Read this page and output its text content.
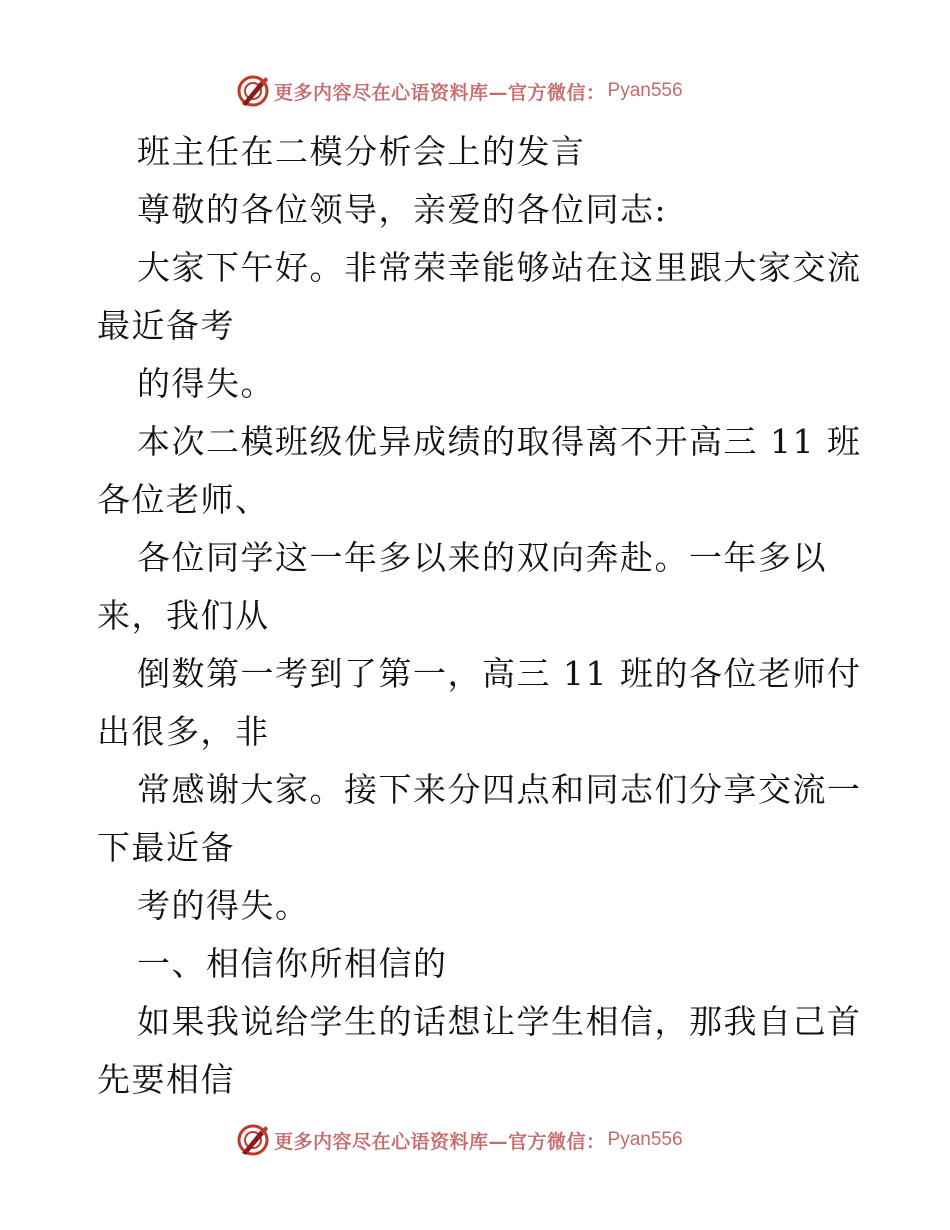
更多内容尽在心语资料库—官方微信： Pyan556
班主任在二模分析会上的发言
尊敬的各位领导，亲爱的各位同志:
大家下午好。非常荣幸能够站在这里跟大家交流
最近备考
的得失。
本次二模班级优异成绩的取得离不开高三 11 班
各位老师、
各位同学这一年多以来的双向奔赴。一年多以
来，我们从
倒数第一考到了第一，高三 11 班的各位老师付
出很多，非
常感谢大家。接下来分四点和同志们分享交流一
下最近备
考的得失。
一、相信你所相信的
如果我说给学生的话想让学生相信，那我自己首
先要相信
更多内容尽在心语资料库—官方微信： Pyan556
